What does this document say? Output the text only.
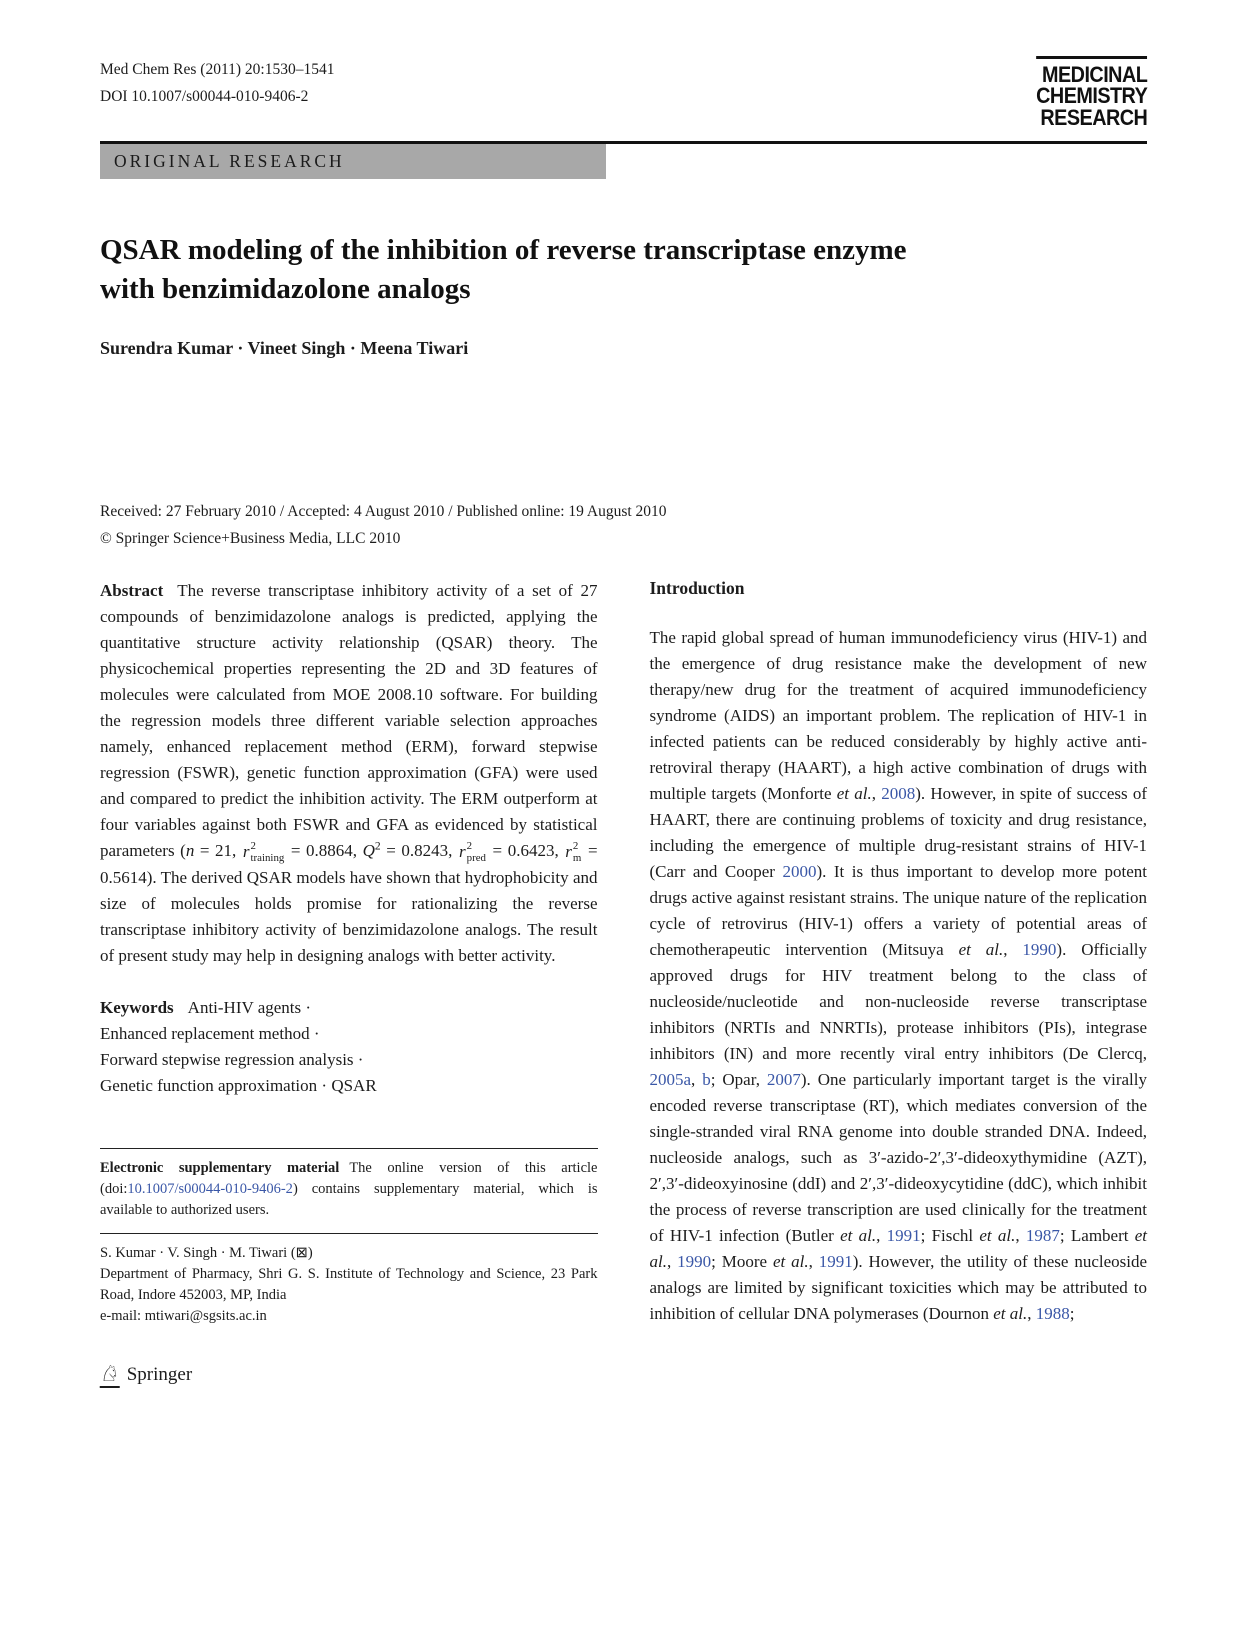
Med Chem Res (2011) 20:1530–1541
DOI 10.1007/s00044-010-9406-2
MEDICINAL
CHEMISTRY
RESEARCH
ORIGINAL RESEARCH
QSAR modeling of the inhibition of reverse transcriptase enzyme
with benzimidazolone analogs
Surendra Kumar · Vineet Singh · Meena Tiwari
Received: 27 February 2010 / Accepted: 4 August 2010 / Published online: 19 August 2010
© Springer Science+Business Media, LLC 2010

Abstract The reverse transcriptase inhibitory activity of a set of 27 compounds of benzimidazolone analogs is predicted, applying the quantitative structure activity relationship (QSAR) theory. The physicochemical properties representing the 2D and 3D features of molecules were calculated from MOE 2008.10 software. For building the regression models three different variable selection approaches namely, enhanced replacement method (ERM), forward stepwise regression (FSWR), genetic function approximation (GFA) were used and compared to predict the inhibition activity. The ERM outperform at four variables against both FSWR and GFA as evidenced by statistical parameters (n = 21, r 2
training = 0.8864, $Q^2 = 0.8243$, r 2
pred = 0.6423, r 2
m = 0.5614). The derived QSAR models have shown that hydrophobicity and size of molecules holds promise for rationalizing the reverse transcriptase inhibitory activity of benzimidazolone analogs. The result of present study may help in designing analogs with better activity.

Keywords Anti-HIV agents ·
Enhanced replacement method ·
Forward stepwise regression analysis ·
Genetic function approximation · QSAR

Electronic supplementary material The online version of this article (doi:10.1007/s00044-010-9406-2) contains supplementary material, which is available to authorized users.

S. Kumar · V. Singh · M. Tiwari (⊠)
Department of Pharmacy, Shri G. S. Institute of Technology and Science, 23 Park Road, Indore 452003, MP, India
e-mail: mtiwari@sgsits.ac.in

Introduction

The rapid global spread of human immunodeficiency virus (HIV-1) and the emergence of drug resistance make the development of new therapy/new drug for the treatment of acquired immunodeficiency syndrome (AIDS) an important problem. The replication of HIV-1 in infected patients can be reduced considerably by highly active anti-retroviral therapy (HAART), a high active combination of drugs with multiple targets (Monforte et al., 2008). However, in spite of success of HAART, there are continuing problems of toxicity and drug resistance, including the emergence of multiple drug-resistant strains of HIV-1 (Carr and Cooper 2000). It is thus important to develop more potent drugs active against resistant strains. The unique nature of the replication cycle of retrovirus (HIV-1) offers a variety of potential areas of chemotherapeutic intervention (Mitsuya et al., 1990). Officially approved drugs for HIV treatment belong to the class of nucleoside/nucleotide and non-nucleoside reverse transcriptase inhibitors (NRTIs and NNRTIs), protease inhibitors (PIs), integrase inhibitors (IN) and more recently viral entry inhibitors (De Clercq, 2005a, b; Opar, 2007). One particularly important target is the virally encoded reverse transcriptase (RT), which mediates conversion of the single-stranded viral RNA genome into double stranded DNA. Indeed, nucleoside analogs, such as 3′-azido-2′,3′-dideoxythymidine (AZT), 2′,3′-dideoxyinosine (ddI) and 2′,3′-dideoxycytidine (ddC), which inhibit the process of reverse transcription are used clinically for the treatment of HIV-1 infection (Butler et al., 1991; Fischl et al., 1987; Lambert et al., 1990; Moore et al., 1991). However, the utility of these nucleoside analogs are limited by significant toxicities which may be attributed to inhibition of cellular DNA polymerases (Dournon et al., 1988;

♘ Springer
